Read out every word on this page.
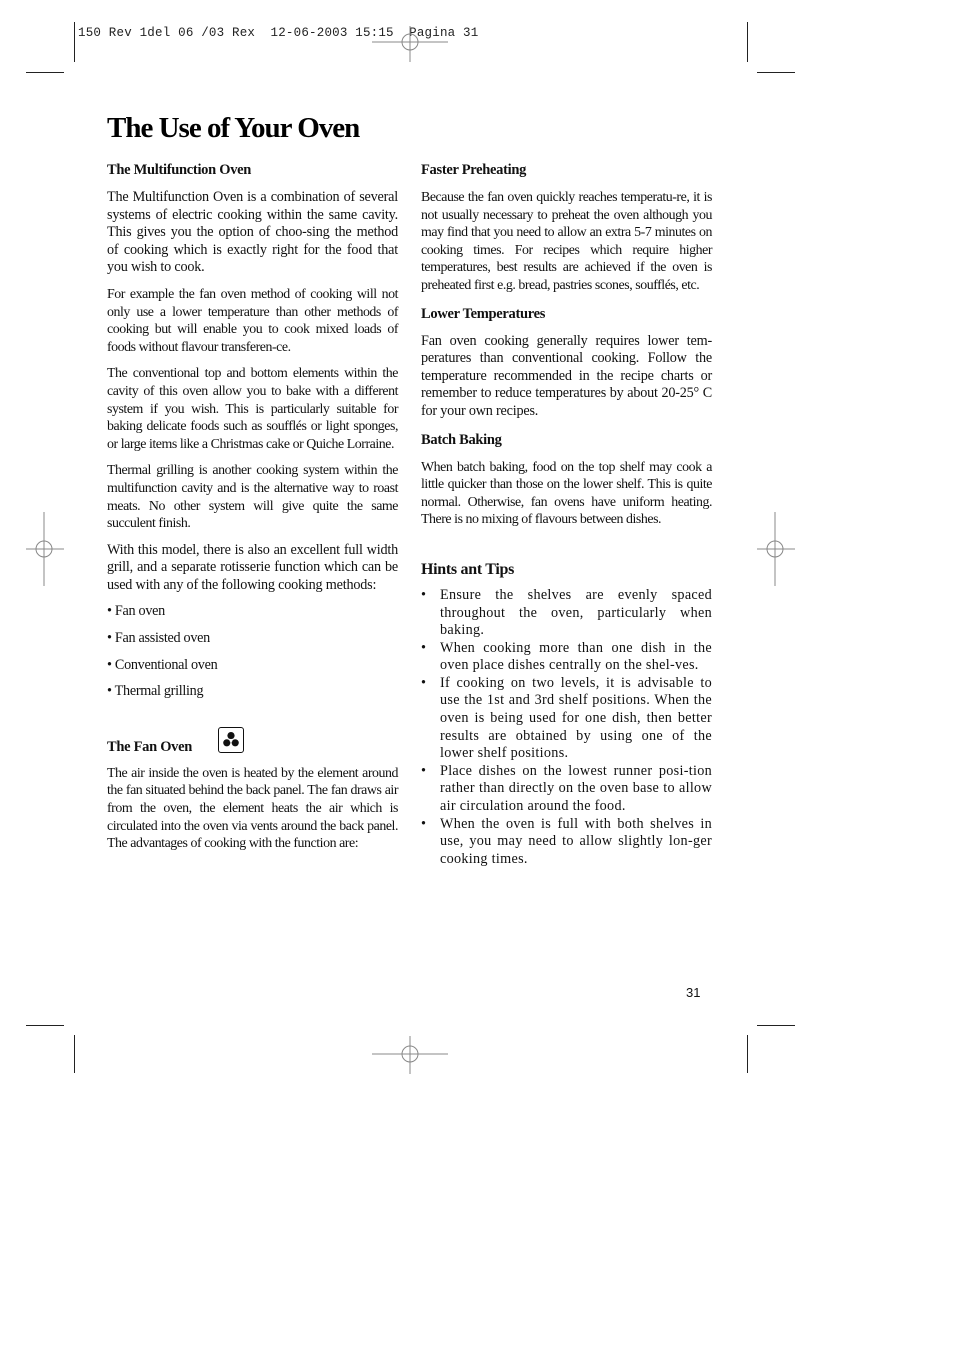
150 Rev 1del 06 /03 Rex  12-06-2003 15:15  Pagina 31
The Use of Your Oven
The Multifunction Oven

The Multifunction Oven is a combination of several systems of electric cooking within the same cavity. This gives you the option of choo-sing the method of cooking which is exactly right for the food that you wish to cook.

For example the fan oven method of cooking will not only use a lower temperature than other methods of cooking but will enable you to cook mixed loads of foods without flavour transferen-ce.

The conventional top and bottom elements within the cavity of this oven allow you to bake with a different system if you wish. This is particularly suitable for baking delicate foods such as soufflés or light sponges, or large items like a Christmas cake or Quiche Lorraine.

Thermal grilling is another cooking system within the multifunction cavity and is the alternative way to roast meats. No other system will give quite the same succulent finish.

With this model, there is also an excellent full width grill, and a separate rotisserie function which can be used with any of the following cooking methods:

• Fan oven
• Fan assisted oven
• Conventional oven
• Thermal grilling
The Fan Oven

The air inside the oven is heated by the element around the fan situated behind the back panel. The fan draws air from the oven, the element heats the air which is circulated into the oven via vents around the back panel. The advantages of cooking with the function are:

Faster Preheating

Because the fan oven quickly reaches temperatu-re, it is not usually necessary to preheat the oven although you may find that you need to allow an extra 5-7 minutes on cooking times. For recipes which require higher temperatures, best results are achieved if the oven is preheated first e.g. bread, pastries scones, soufflés, etc.

Lower Temperatures

Fan oven cooking generally requires lower tem-peratures than conventional cooking. Follow the temperature recommended in the recipe charts or remember to reduce temperatures by about 20-25° C for your own recipes.

Batch Baking

When batch baking, food on the top shelf may cook a little quicker than those on the lower shelf. This is quite normal. Otherwise, fan ovens have uniform heating. There is no mixing of flavours between dishes.

Hints ant Tips
• Ensure the shelves are evenly spaced throughout the oven, particularly when baking.
• When cooking more than one dish in the oven place dishes centrally on the shel-ves.
• If cooking on two levels, it is advisable to use the 1st and 3rd shelf positions. When the oven is being used for one dish, then better results are obtained by using one of the lower shelf positions.
• Place dishes on the lowest runner posi-tion rather than directly on the oven base to allow air circulation around the food.
• When the oven is full with both shelves in use, you may need to allow slightly lon-ger cooking times.
31
